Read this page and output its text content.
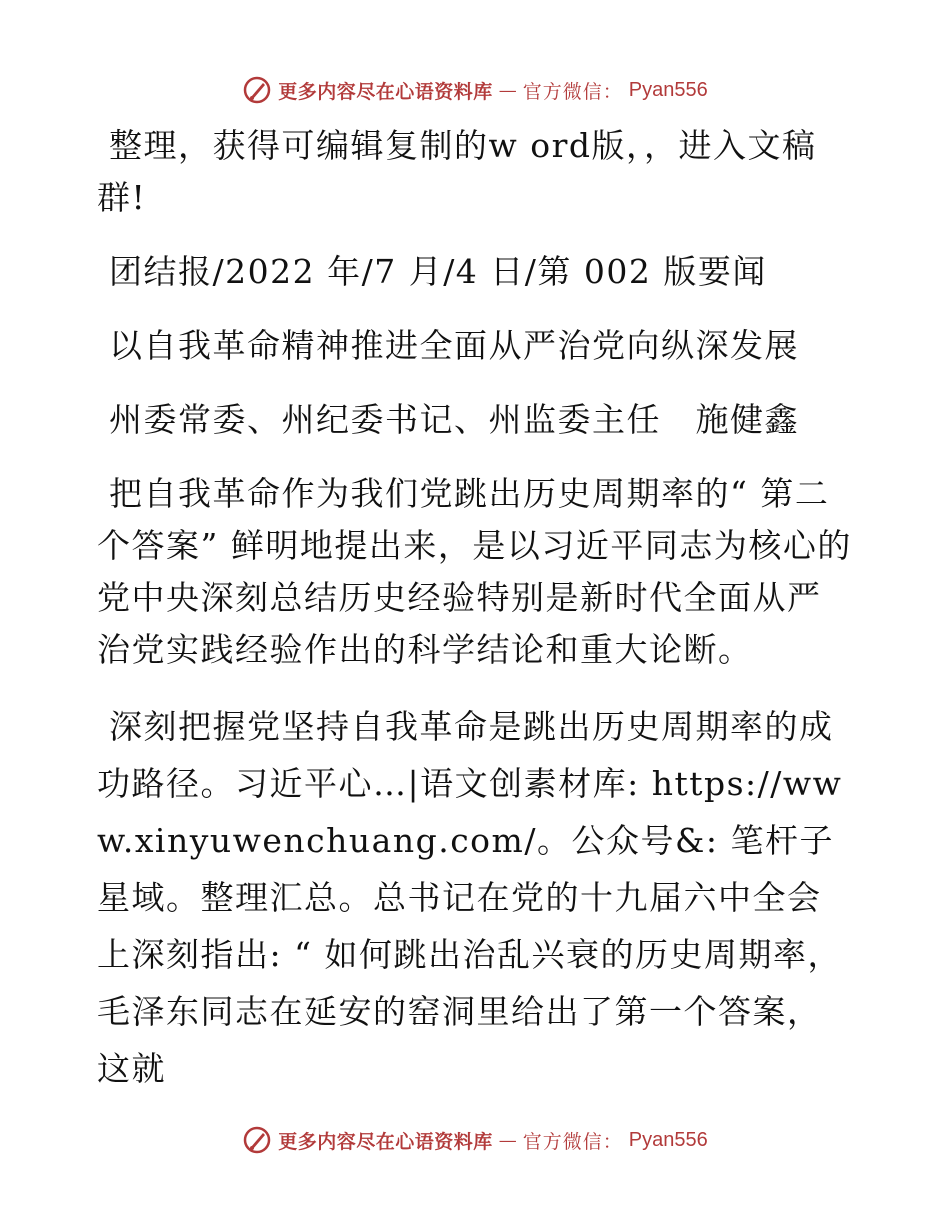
更多内容尽在心语资料库 — 官方微信： Pyan556

整理，获得可编辑复制的w ord版，，进入文稿群!

团结报/2022 年/7 月/4 日/第 002 版要闻

以自我革命精神推进全面从严治党向纵深发展

州委常委、州纪委书记、州监委主任　施健鑫

把自我革命作为我们党跳出历史周期率的“ 第二个答案” 鲜明地提出来，是以习近平同志为核心的党中央深刻总结历史经验特别是新时代全面从严治党实践经验作出的科学结论和重大论断。

深刻把握党坚持自我革命是跳出历史周期率的成功路径。习近平心…|语文创素材库: https://www.xinyuwenchuang.com/。公众号&: 笔杆子星域。整理汇总。总书记在党的十九届六中全会上深刻指出: “ 如何跳出治乱兴衰的历史周期率，毛泽东同志在延安的窑洞里给出了第一个答案，这就

更多内容尽在心语资料库 — 官方微信： Pyan556
